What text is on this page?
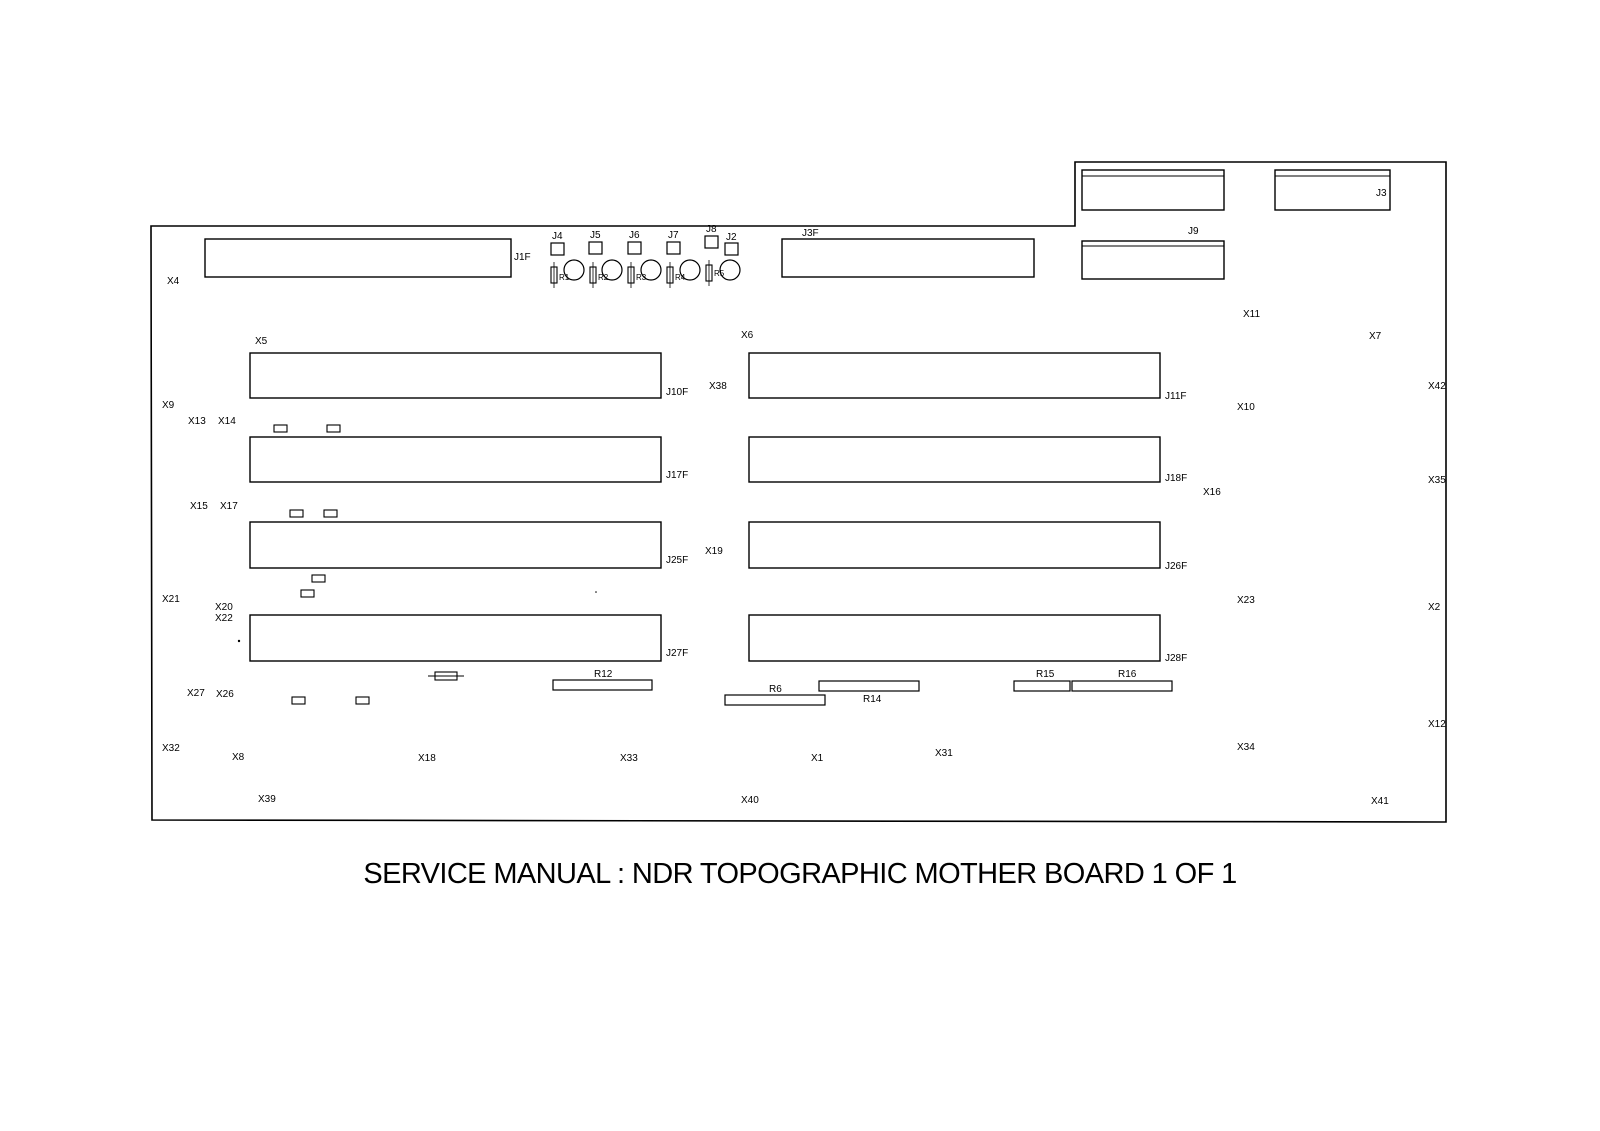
J1F
J3F
J3
J9
J4	J5	J6	J7
J8
J2
R1	R2	R3	R4	R5
J10F	J11F
J17F	J18F
J25F
J26F
J27F	J28F
R12
R6
R14
R15	R16
X4
X5
X6
X11
X7
X42
X38
X9	X10
X13 X14
X35
X16
X15 X17
X19
X21	X23
X2
X20
X22
X27 X26
X12
X32	X34
X31
X8	X18	X33	X1
X39	X40	X41
SERVICE MANUAL : NDR TOPOGRAPHIC MOTHER BOARD 1 OF 1
